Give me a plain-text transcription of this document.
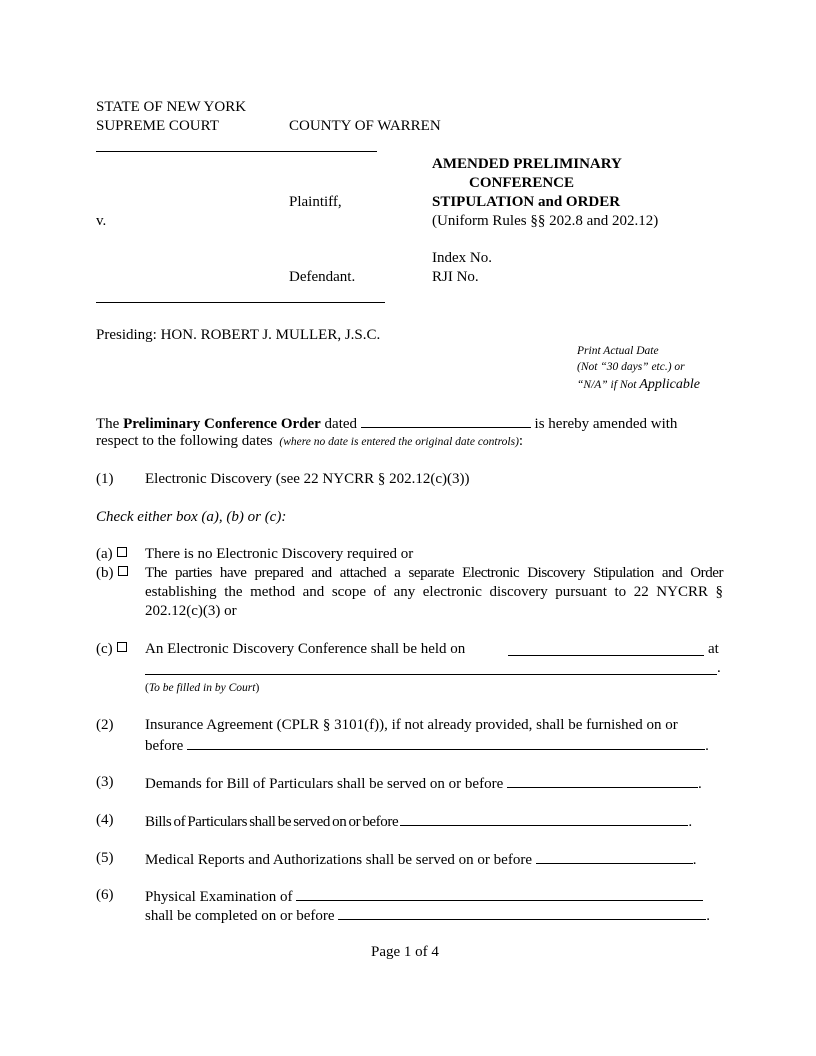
STATE OF NEW YORK
SUPREME COURT	COUNTY OF WARREN
Plaintiff,
v.
Defendant.
AMENDED PRELIMINARY
CONFERENCE
STIPULATION and ORDER
(Uniform Rules §§ 202.8 and 202.12)
Index No.
RJI No.
Presiding: HON. ROBERT J. MULLER, J.S.C.
Print Actual Date
(Not “30 days” etc.) or
“N/A” if Not Applicable
The Preliminary Conference Order dated	is hereby amended with
respect to the following dates (where no date is entered the original date controls):
(1) Electronic Discovery (see 22 NYCRR § 202.12(c)(3))
Check either box (a), (b) or (c):
(a)	There is no Electronic Discovery required or
(b)	The parties have prepared and attached a separate Electronic Discovery Stipulation and Order
establishing the method and scope of any electronic discovery pursuant to 22 NYCRR §
202.12(c)(3) or
(c)	An Electronic Discovery Conference shall be held on	at
.
(To be filled in by Court)
(2) Insurance Agreement (CPLR § 3101(f)), if not already provided, shall be furnished on or
before	.
(3) Demands for Bill of Particulars shall be served on or before	.
(4) Bills of Particulars shall be served on or before	.
(5) Medical Reports and Authorizations shall be served on or before	.
(6) Physical Examination of
shall be completed on or before	.
Page 1 of 4
